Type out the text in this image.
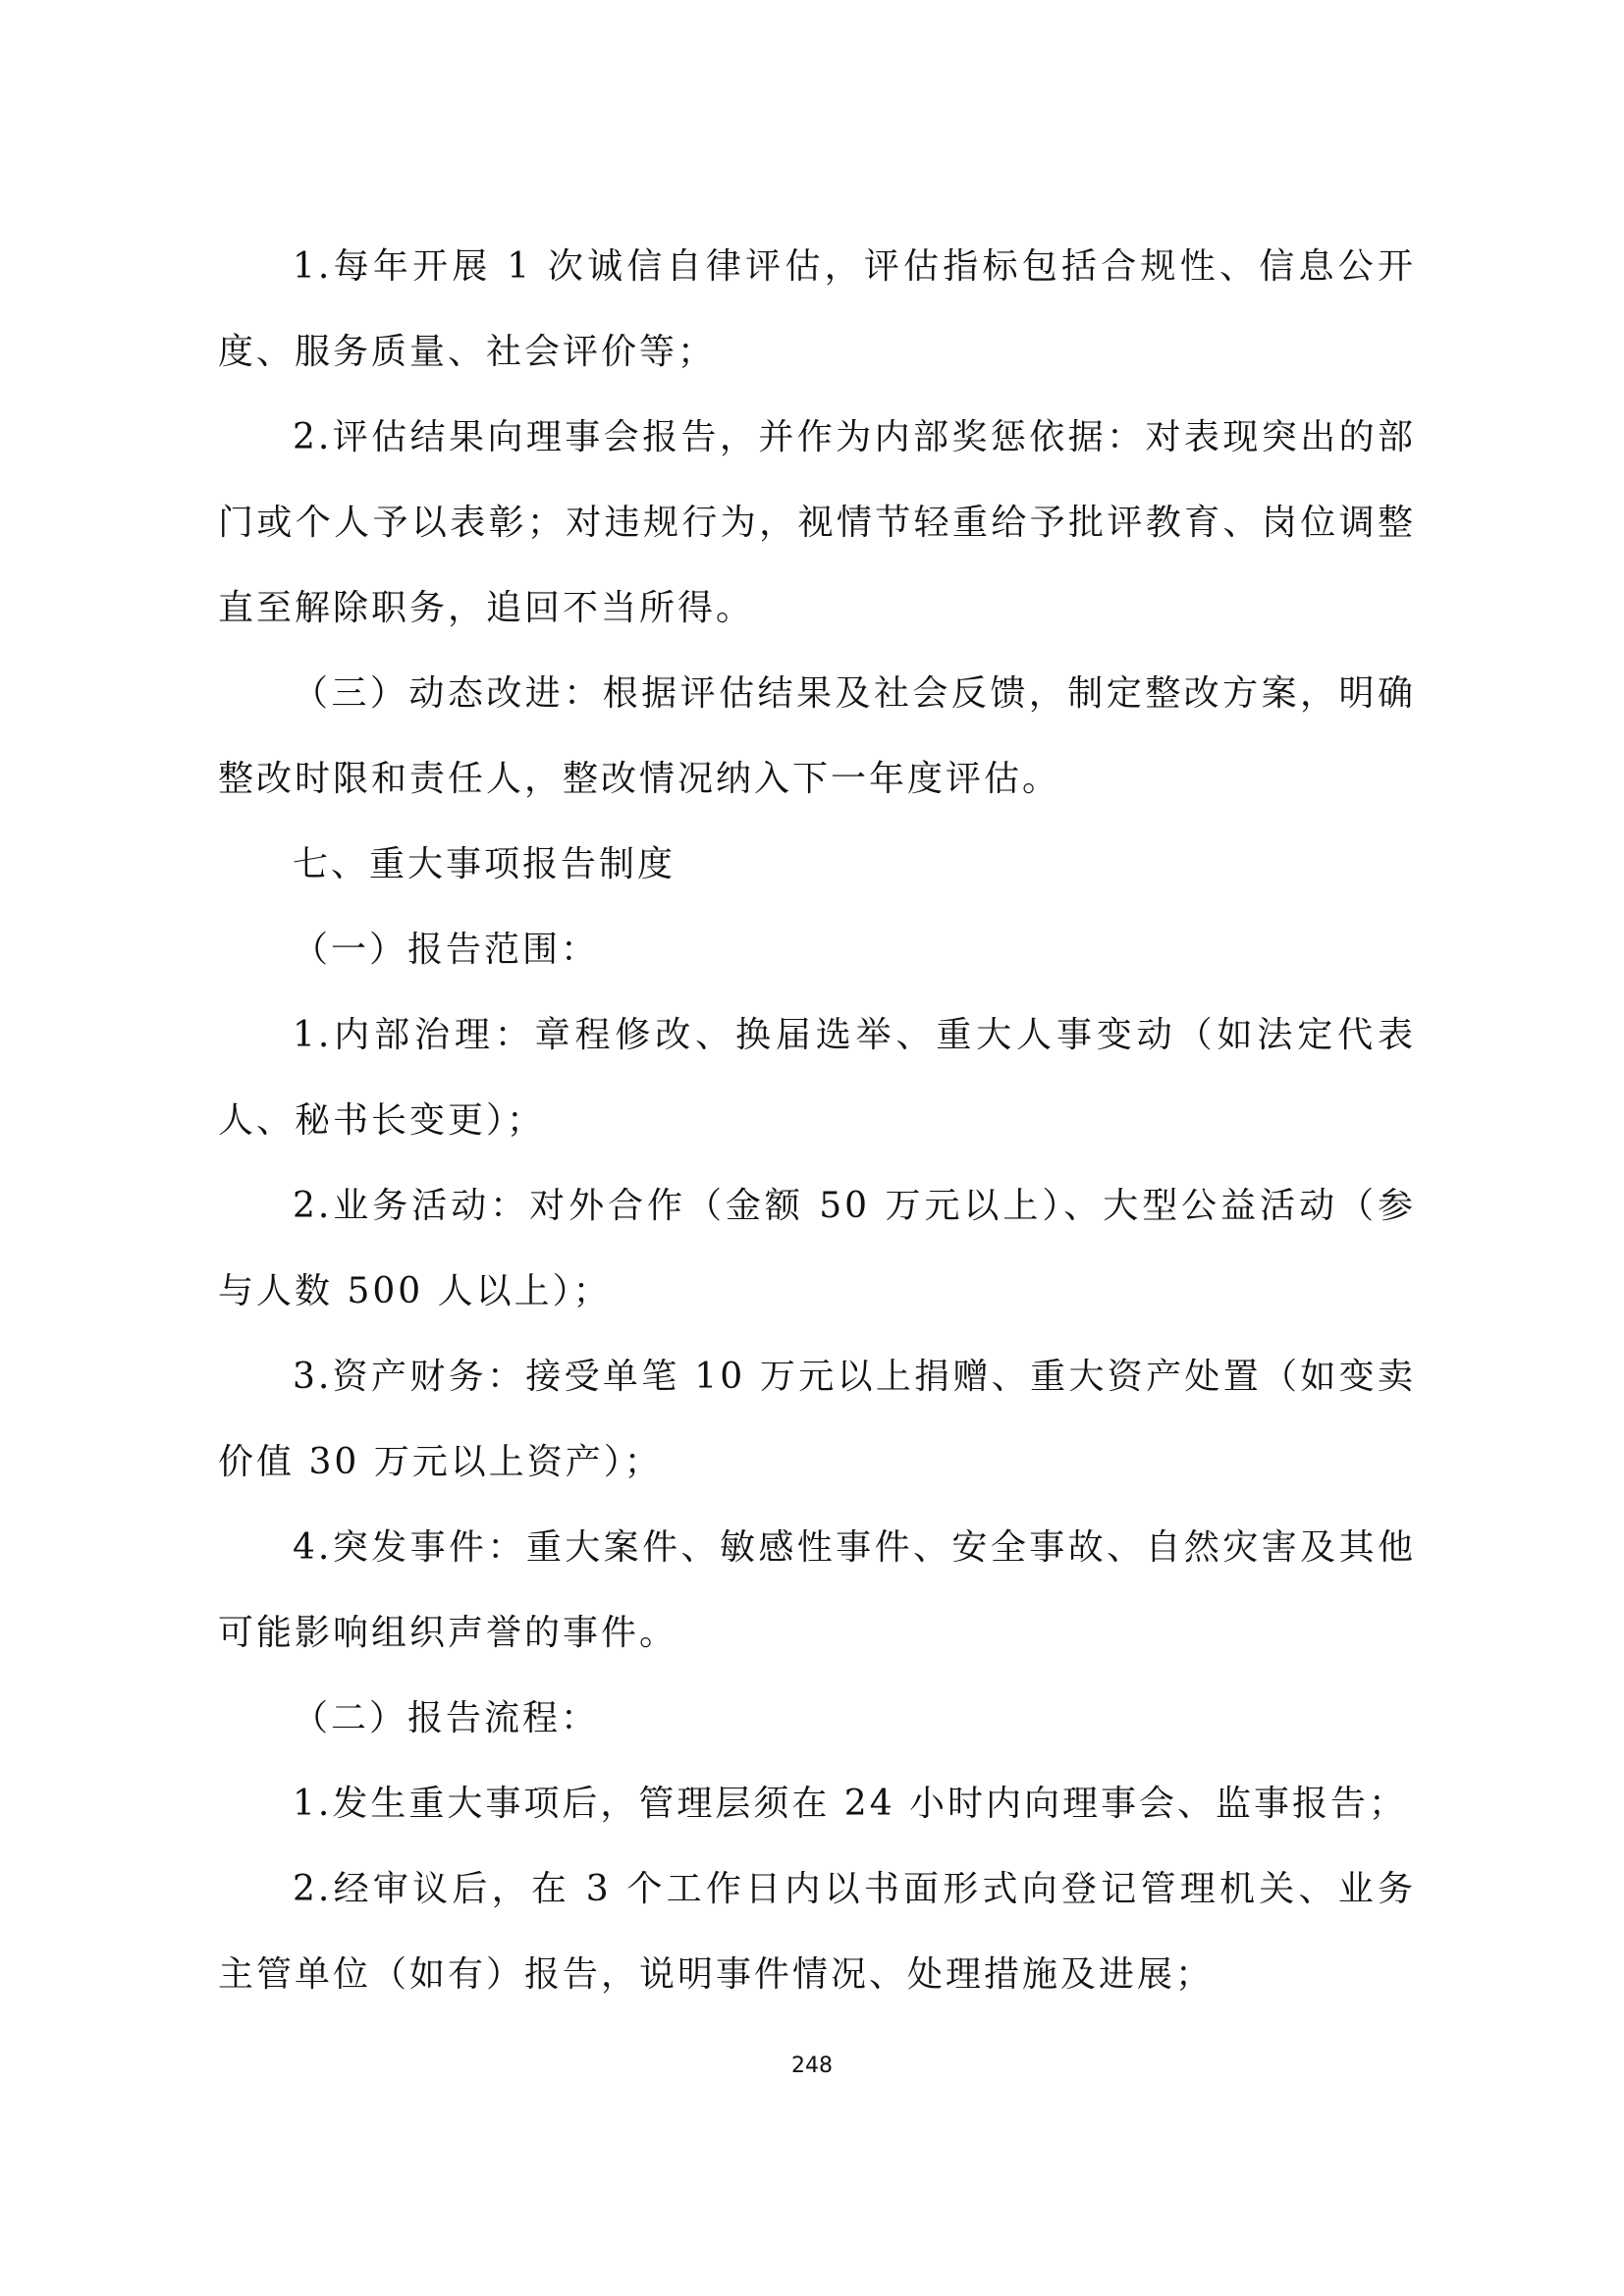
1.每年开展 1 次诚信自律评估，评估指标包括合规性、信息公开度、服务质量、社会评价等；

2.评估结果向理事会报告，并作为内部奖惩依据：对表现突出的部门或个人予以表彰；对违规行为，视情节轻重给予批评教育、岗位调整直至解除职务，追回不当所得。

（三）动态改进：根据评估结果及社会反馈，制定整改方案，明确整改时限和责任人，整改情况纳入下一年度评估。

七、重大事项报告制度

（一）报告范围：

1.内部治理：章程修改、换届选举、重大人事变动（如法定代表人、秘书长变更）；

2.业务活动：对外合作（金额 50 万元以上）、大型公益活动（参与人数 500 人以上）；

3.资产财务：接受单笔 10 万元以上捐赠、重大资产处置（如变卖价值 30 万元以上资产）；

4.突发事件：重大案件、敏感性事件、安全事故、自然灾害及其他可能影响组织声誉的事件。

（二）报告流程：

1.发生重大事项后，管理层须在 24 小时内向理事会、监事报告；

2.经审议后，在 3 个工作日内以书面形式向登记管理机关、业务主管单位（如有）报告，说明事件情况、处理措施及进展；

248
